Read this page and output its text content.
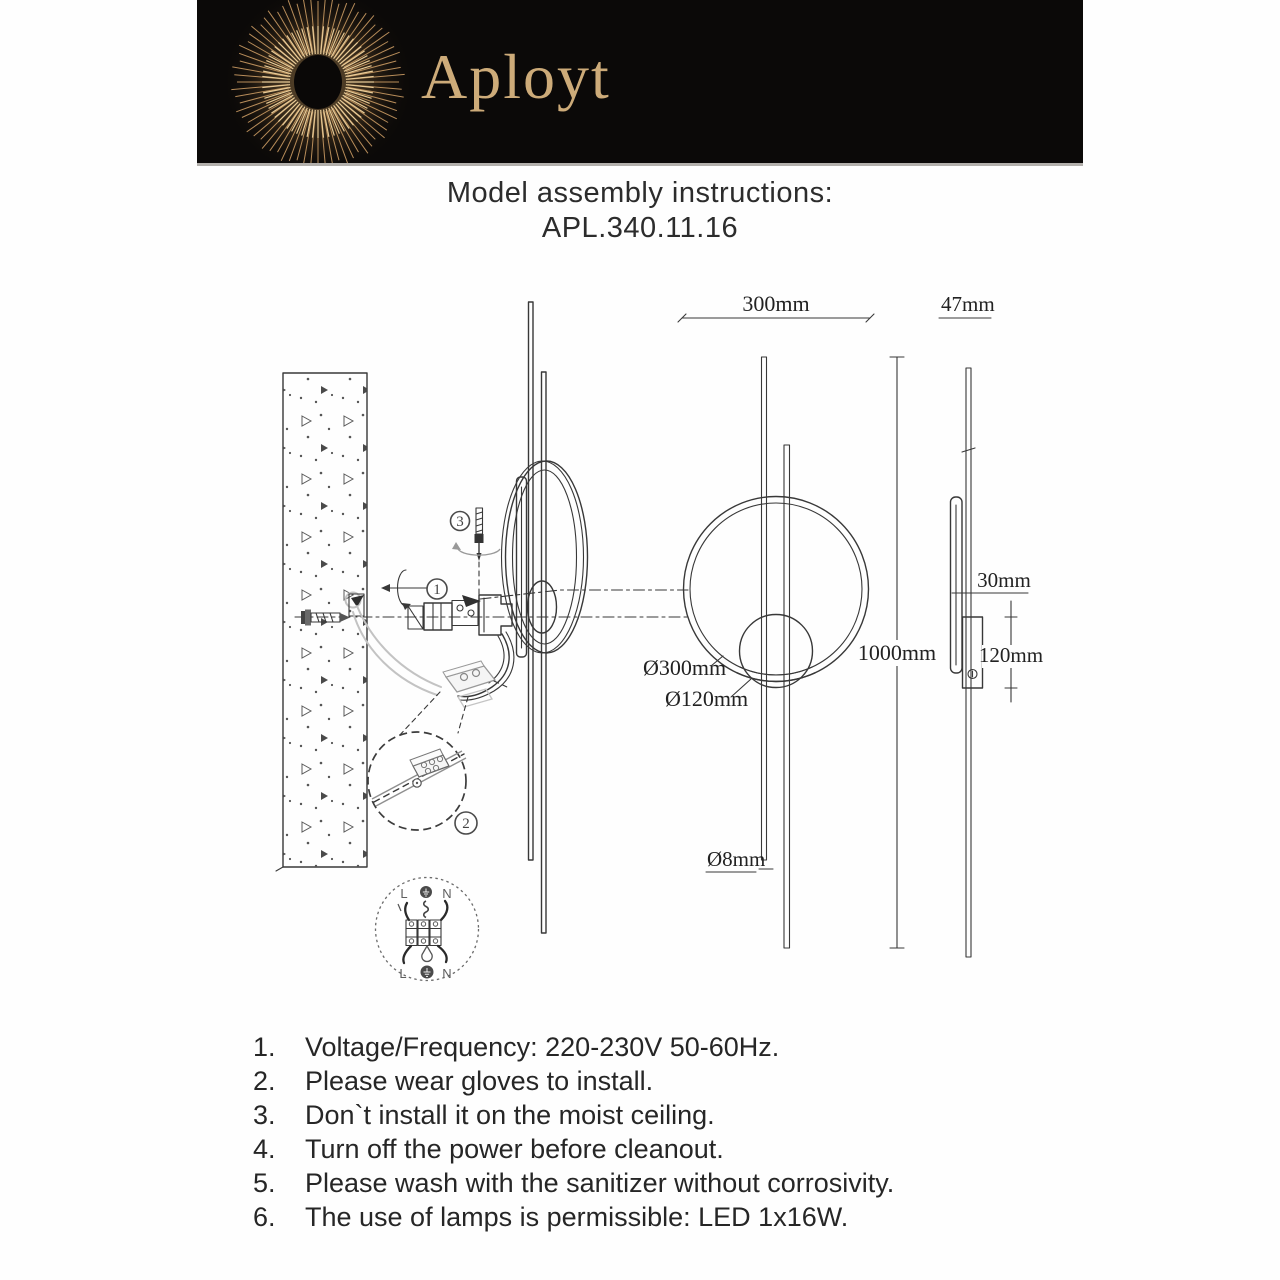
Aployt
Model assembly instructions:
APL.340.11.16
1
3
2
L	N
L	N
300mm
Ø300mm
Ø120mm
1000mm
Ø8mm
47mm
30mm
120mm
1.	Voltage/Frequency: 220-230V 50-60Hz.
2.	Please wear gloves to install.
3.	Don`t install it on the moist ceiling.
4.	Turn off the power before cleanout.
5.	Please wash with the sanitizer without corrosivity.
6.	The use of lamps is permissible: LED 1x16W.
